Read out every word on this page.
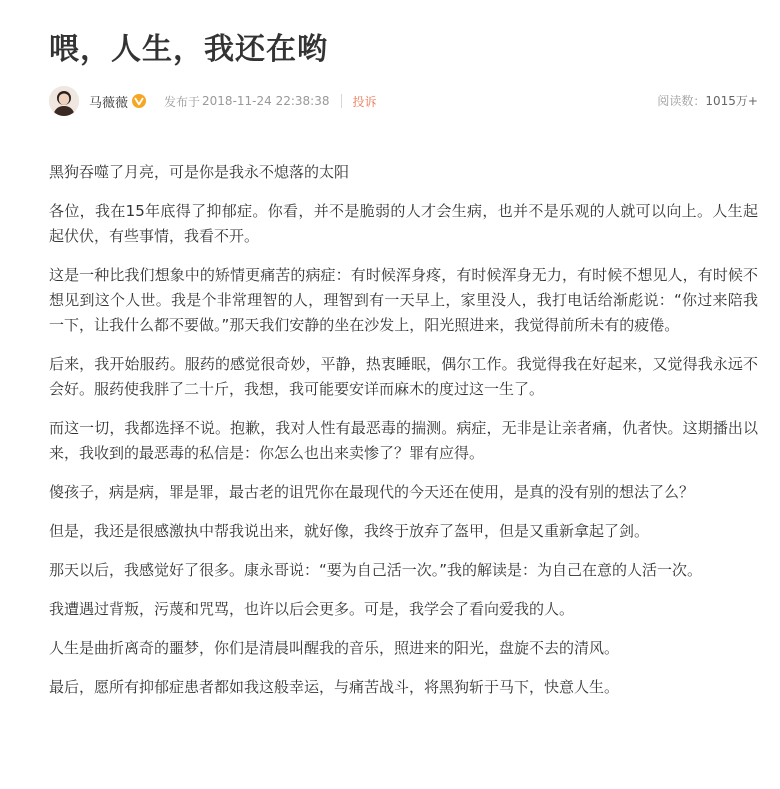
喂，人生，我还在哟
马薇薇	发布于 2018-11-24 22:38:38 投诉	阅读数：1015万+

黑狗吞噬了月亮，可是你是我永不熄落的太阳

各位，我在15年底得了抑郁症。你看，并不是脆弱的人才会生病，也并不是乐观的人就可以向上。人生起起伏伏，有些事情，我看不开。

这是一种比我们想象中的矫情更痛苦的病症：有时候浑身疼，有时候浑身无力，有时候不想见人，有时候不想见到这个人世。我是个非常理智的人，理智到有一天早上，家里没人，我打电话给渐彪说：“你过来陪我一下，让我什么都不要做。”那天我们安静的坐在沙发上，阳光照进来，我觉得前所未有的疲倦。

后来，我开始服药。服药的感觉很奇妙，平静，热衷睡眠，偶尔工作。我觉得我在好起来，又觉得我永远不会好。服药使我胖了二十斤，我想，我可能要安详而麻木的度过这一生了。

而这一切，我都选择不说。抱歉，我对人性有最恶毒的揣测。病症，无非是让亲者痛，仇者快。这期播出以来，我收到的最恶毒的私信是：你怎么也出来卖惨了？罪有应得。

傻孩子，病是病，罪是罪，最古老的诅咒你在最现代的今天还在使用，是真的没有别的想法了么？

但是，我还是很感激执中帮我说出来，就好像，我终于放弃了盔甲，但是又重新拿起了剑。

那天以后，我感觉好了很多。康永哥说：“要为自己活一次。”我的解读是：为自己在意的人活一次。

我遭遇过背叛，污蔑和咒骂，也许以后会更多。可是，我学会了看向爱我的人。

人生是曲折离奇的噩梦，你们是清晨叫醒我的音乐，照进来的阳光，盘旋不去的清风。

最后，愿所有抑郁症患者都如我这般幸运，与痛苦战斗，将黑狗斩于马下，快意人生。
